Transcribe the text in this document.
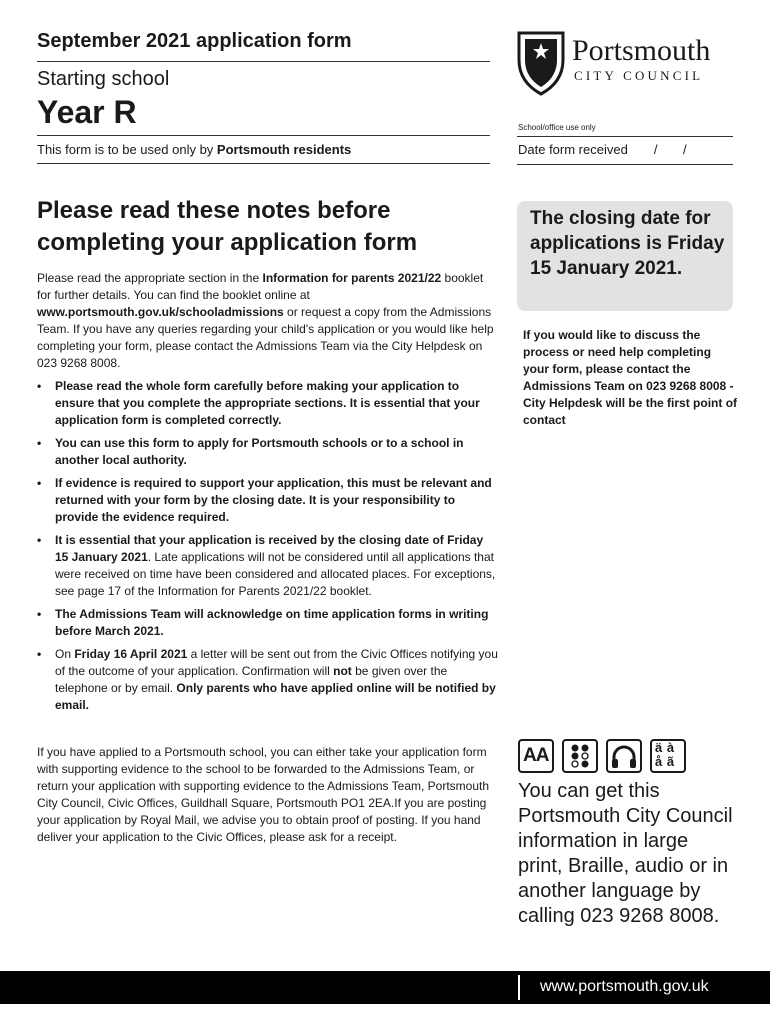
September 2021 application form
Starting school
Year R
This form is to be used only by Portsmouth residents
Portsmouth
CITY COUNCIL
School/office use only
Date form received / /
Please read these notes before completing your application form
Please read the appropriate section in the Information for parents 2021/22 booklet for further details. You can find the booklet online at www.portsmouth.gov.uk/schooladmissions or request a copy from the Admissions Team. If you have any queries regarding your child's application or you would like help completing your form, please contact the Admissions Team via the City Helpdesk on 023 9268 8008.
• Please read the whole form carefully before making your application to ensure that you complete the appropriate sections. It is essential that your application form is completed correctly.
• You can use this form to apply for Portsmouth schools or to a school in another local authority.
• If evidence is required to support your application, this must be relevant and returned with your form by the closing date. It is your responsibility to provide the evidence required.
• It is essential that your application is received by the closing date of Friday 15 January 2021. Late applications will not be considered until all applications that were received on time have been considered and allocated places. For exceptions, see page 17 of the Information for Parents 2021/22 booklet.
• The Admissions Team will acknowledge on time application forms in writing before March 2021.
• On Friday 16 April 2021 a letter will be sent out from the Civic Offices notifying you of the outcome of your application. Confirmation will not be given over the telephone or by email. Only parents who have applied online will be notified by email.
If you have applied to a Portsmouth school, you can either take your application form with supporting evidence to the school to be forwarded to the Admissions Team, or return your application with supporting evidence to the Admissions Team, Portsmouth City Council, Civic Offices, Guildhall Square, Portsmouth PO1 2EA.If you are posting your application by Royal Mail, we advise you to obtain proof of posting. If you hand deliver your application to the Civic Offices, please ask for a receipt.
The closing date for applications is Friday 15 January 2021.
If you would like to discuss the process or need help completing your form, please contact the Admissions Team on 023 9268 8008 - City Helpdesk will be the first point of contact
AA	ä à å ã
You can get this Portsmouth City Council information in large print, Braille, audio or in another language by calling 023 9268 8008.
www.portsmouth.gov.uk
